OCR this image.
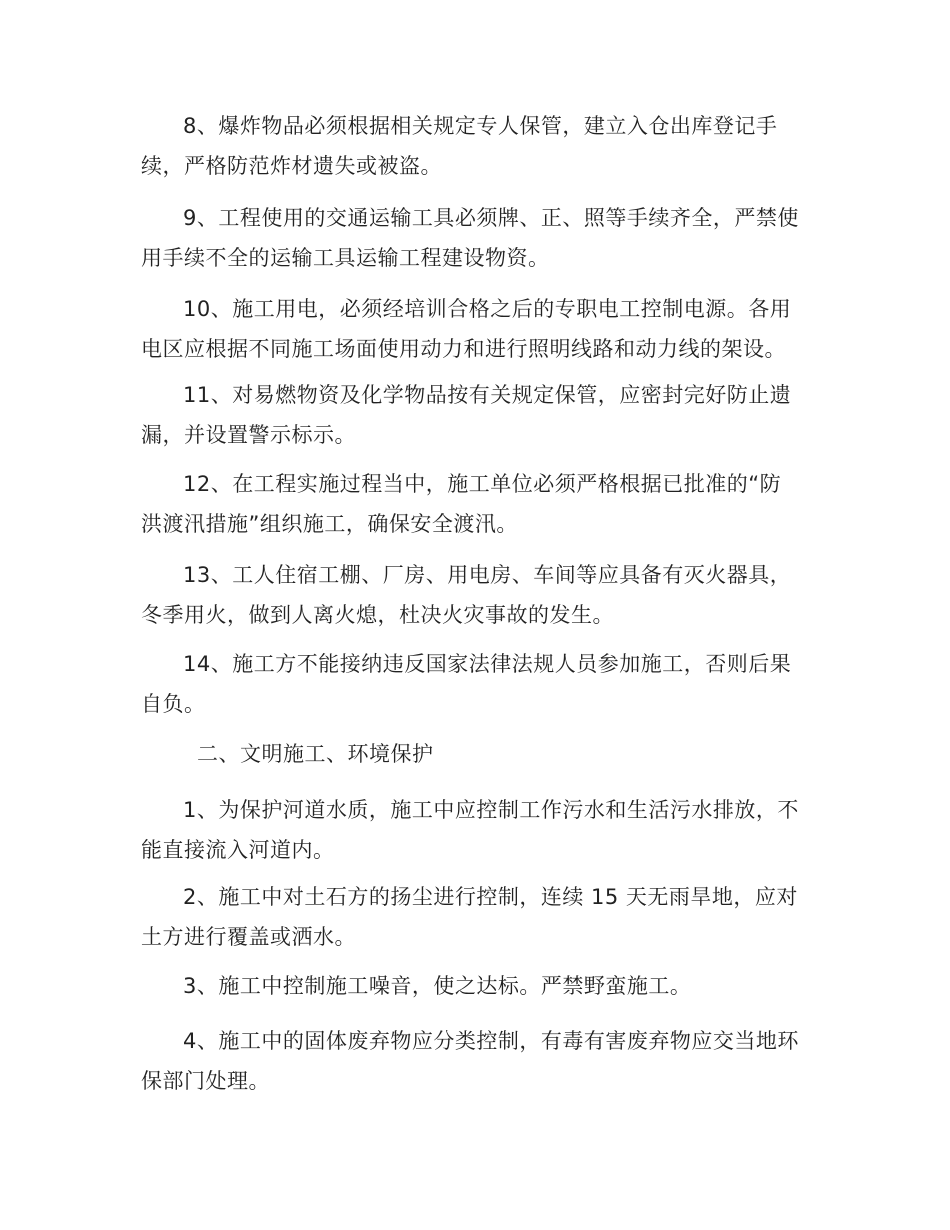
8、爆炸物品必须根据相关规定专人保管，建立入仓出库登记手
续，严格防范炸材遗失或被盗。
9、工程使用的交通运输工具必须牌、正、照等手续齐全，严禁使
用手续不全的运输工具运输工程建设物资。
10、施工用电，必须经培训合格之后的专职电工控制电源。各用
电区应根据不同施工场面使用动力和进行照明线路和动力线的架设。
11、对易燃物资及化学物品按有关规定保管，应密封完好防止遗
漏，并设置警示标示。
12、在工程实施过程当中，施工单位必须严格根据已批准的“防
洪渡汛措施”组织施工，确保安全渡汛。
13、工人住宿工棚、厂房、用电房、车间等应具备有灭火器具，
冬季用火，做到人离火熄，杜决火灾事故的发生。
14、施工方不能接纳违反国家法律法规人员参加施工，否则后果
自负。
二、文明施工、环境保护
1、为保护河道水质，施工中应控制工作污水和生活污水排放，不
能直接流入河道内。
2、施工中对土石方的扬尘进行控制，连续 15 天无雨旱地，应对
土方进行覆盖或洒水。
3、施工中控制施工噪音，使之达标。严禁野蛮施工。
4、施工中的固体废弃物应分类控制，有毒有害废弃物应交当地环
保部门处理。
